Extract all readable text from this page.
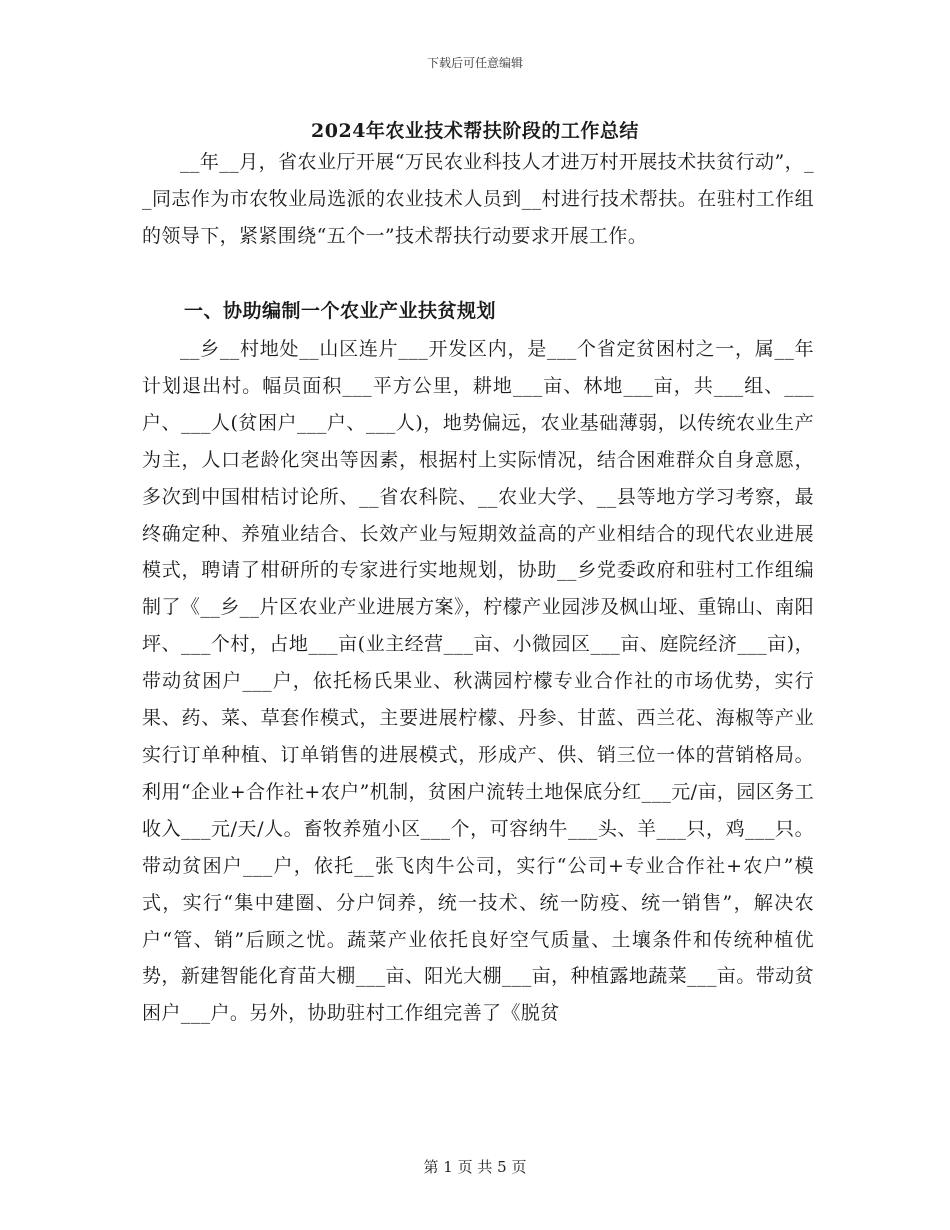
下载后可任意编辑
2024年农业技术帮扶阶段的工作总结

__年__月，省农业厅开展“万民农业科技人才进万村开展技术扶贫行动”，__同志作为市农牧业局选派的农业技术人员到__村进行技术帮扶。在驻村工作组的领导下，紧紧围绕“五个一”技术帮扶行动要求开展工作。

一、协助编制一个农业产业扶贫规划

__乡__村地处__山区连片___开发区内，是___个省定贫困村之一，属__年计划退出村。幅员面积___平方公里，耕地___亩、林地___亩，共___组、___户、___人(贫困户___户、___人)，地势偏远，农业基础薄弱，以传统农业生产为主，人口老龄化突出等因素，根据村上实际情况，结合困难群众自身意愿，多次到中国柑桔讨论所、__省农科院、__农业大学、__县等地方学习考察，最终确定种、养殖业结合、长效产业与短期效益高的产业相结合的现代农业进展模式，聘请了柑研所的专家进行实地规划，协助__乡党委政府和驻村工作组编制了《__乡__片区农业产业进展方案》，柠檬产业园涉及枫山垭、重锦山、南阳坪、___个村，占地___亩(业主经营___亩、小微园区___亩、庭院经济___亩)，带动贫困户___户，依托杨氏果业、秋满园柠檬专业合作社的市场优势，实行果、药、菜、草套作模式，主要进展柠檬、丹参、甘蓝、西兰花、海椒等产业实行订单种植、订单销售的进展模式，形成产、供、销三位一体的营销格局。利用“企业+合作社+农户”机制，贫困户流转土地保底分红___元/亩，园区务工收入___元/天/人。畜牧养殖小区___个，可容纳牛___头、羊___只，鸡___只。带动贫困户___户，依托__张飞肉牛公司，实行“公司+专业合作社+农户”模式，实行“集中建圈、分户饲养，统一技术、统一防疫、统一销售”，解决农户“管、销”后顾之忧。蔬菜产业依托良好空气质量、土壤条件和传统种植优势，新建智能化育苗大棚___亩、阳光大棚___亩，种植露地蔬菜___亩。带动贫困户___户。另外，协助驻村工作组完善了《脱贫

第 1 页 共 5 页
